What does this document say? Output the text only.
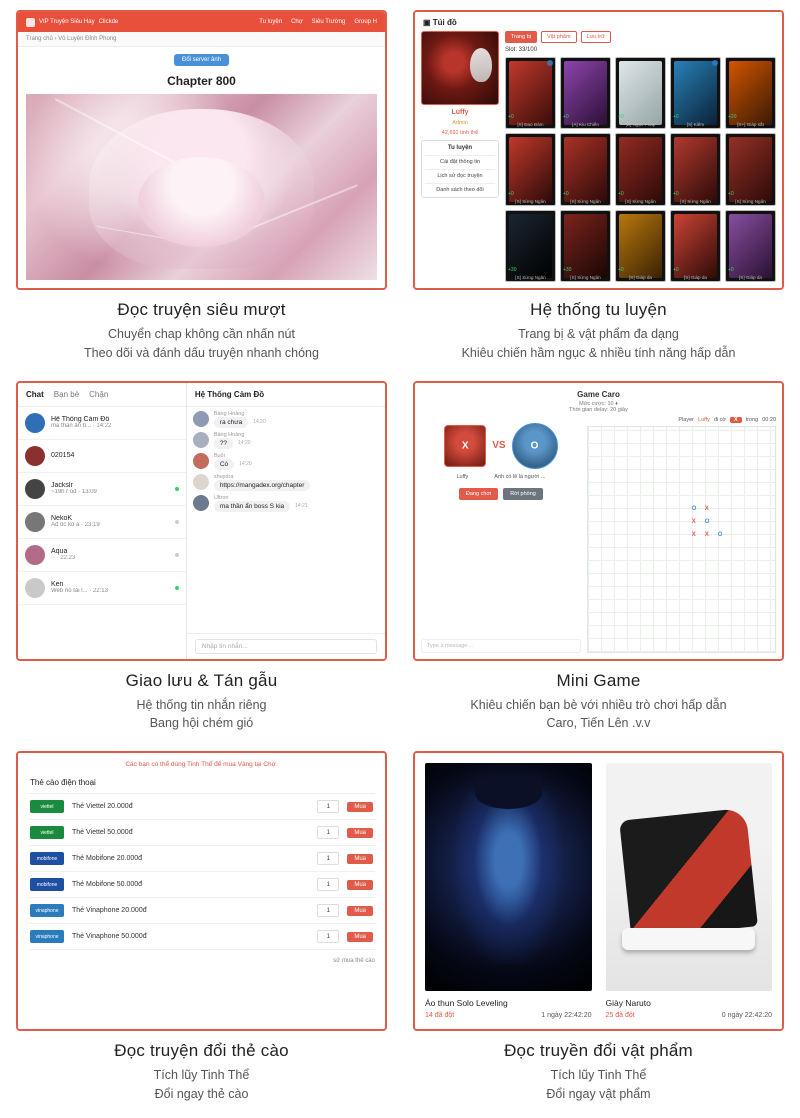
VIP Truyện Siêu Hay Clickde	Tu luyện Chợ Siêu Trường Group H
Trang chủ › Vô Luyện Đỉnh Phong
Đổi server ảnh
Chapter 800
Đọc truyện siêu mượt
Chuyển chap không cần nhấn nút
Theo dõi và đánh dấu truyện nhanh chóng
▣ Túi đồ
Luffy
Admin
42,691 tinh thể
Tu luyện
Cài đặt thông tin
Lịch sử đọc truyện
Danh sách theo dõi
Trang bị	Vật phẩm	Lưu trữ
Slot: 33/100
+0
[S] Đao Đảm
+0
[A] Kiu Chiến
+0
[D] Ngọc Pháp
+0
[S] Kiếm
+20
[S+] Giáp sắt
+0
[S] Sừng Ngân
+0
[S] Sừng Ngân
+0
[S] Sừng Ngân
+0
[S] Sừng Ngân
+0
[S] Sừng Ngân
+30
[S] Sừng Ngân
+30
[S] Sừng Ngân
+0
[S] Giáp da
+0
[S] Giáp da
+0
[S] Giáp da
Hệ thống tu luyện
Trang bị & vật phẩm đa dạng
Khiêu chiến hầm ngục & nhiều tính năng hấp dẫn
Chat Bạn bè Chặn
Hệ Thống Cảm Đồ
ma thần ẩn b... · 14:22
020154
Jackslr
~19h r od · 13:09
NekoK
Ad đc ko a · 23:19
Aqua
·· · 22:23
Ken
Web nó tải l... · 22:13
Hệ Thống Cảm Đồ
Bàng Hoàng
ra chưa	14:20
Bàng Hoàng
??	14:20
Buổi
Có	14:20
shuydra
https://mangadex.org/chapter
Ultron
ma thần ẩn boss S kia	14:21
Nhập tin nhắn...
Giao lưu & Tán gẫu
Hệ thống tin nhắn riêng
Bang hội chém gió
Game Caro
Mức cược: 10 ♦
Thời gian delay: 20 giây
X VS	O
Luffy	Anh có lẽ là người ...
Đang chơi	Rời phòng
Type a message ...
Player Luffy đi cờ	X	trong 00:20
O X
X O
X X O
Mini Game
Khiêu chiến bạn bè với nhiều trò chơi hấp dẫn
Caro, Tiến Lên .v.v
Các bạn có thể dùng Tinh Thể để mua Vàng tại Chợ.
Thẻ cào điện thoại
viettel	Thẻ Viettel 20.000đ	1	Mua
viettel	Thẻ Viettel 50.000đ	1	Mua
mobifone	Thẻ Mobifone 20.000đ	1	Mua
mobifone	Thẻ Mobifone 50.000đ	1	Mua
vinaphone	Thẻ Vinaphone 20.000đ	1	Mua
vinaphone	Thẻ Vinaphone 50.000đ	1	Mua
sử mua thẻ cào
Đọc truyện đổi thẻ cào
Tích lũy Tinh Thể
Đổi ngay thẻ cào
Áo thun Solo Leveling
14 đã đột	1 ngày 22:42:20
Giày Naruto
25 đã đột	0 ngày 22:42:20
Đọc truyền đổi vật phẩm
Tích lũy Tinh Thể
Đổi ngay vật phẩm
